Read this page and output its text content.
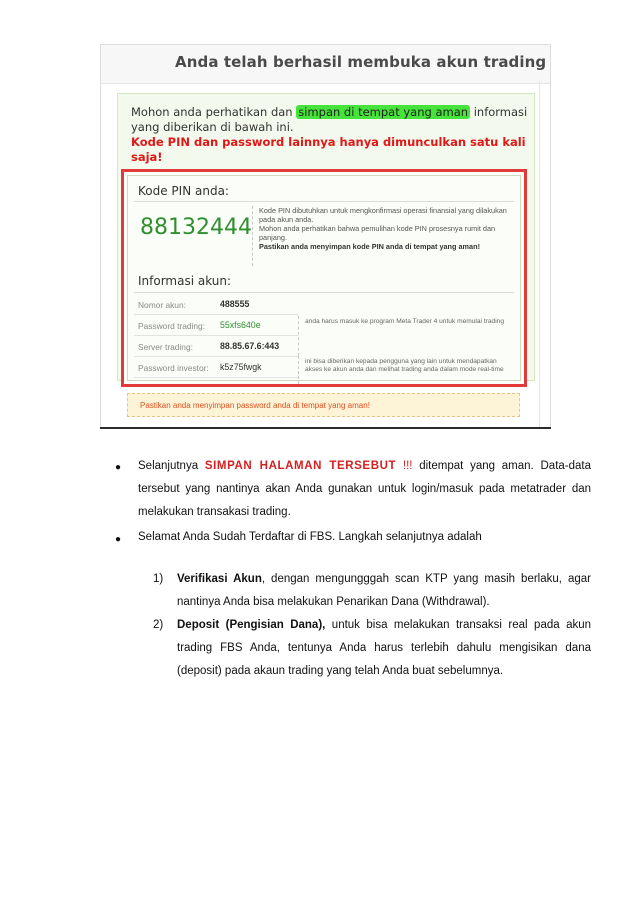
Anda telah berhasil membuka akun trading
Mohon anda perhatikan dan simpan di tempat yang aman informasi yang diberikan di bawah ini.
Kode PIN dan password lainnya hanya dimunculkan satu kali saja!
Kode PIN anda:
88132444
Kode PIN dibutuhkan untuk mengkonfirmasi operasi finansial yang dilakukan pada akun anda.
Mohon anda perhatikan bahwa pemulihan kode PIN prosesnya rumit dan panjang.
Pastikan anda menyimpan kode PIN anda di tempat yang aman!
Informasi akun:
Nomor akun:	488555
Password trading: 55xfs640e
Server trading:	88.85.67.6:443
Password investor: k5z75fwgk
anda harus masuk ke program Meta Trader 4 untuk memulai trading
ini bisa diberikan kepada pengguna yang lain untuk mendapatkan akses ke akun anda dan melihat trading anda dalam mode real-time
Pastikan anda menyimpan password anda di tempat yang aman!
● Selanjutnya SIMPAN HALAMAN TERSEBUT !!! ditempat yang aman. Data-data tersebut yang nantinya akan Anda gunakan untuk login/masuk pada metatrader dan melakukan transakasi trading.
● Selamat Anda Sudah Terdaftar di FBS. Langkah selanjutnya adalah
1) Verifikasi Akun, dengan mengungggah scan KTP yang masih berlaku, agar nantinya Anda bisa melakukan Penarikan Dana (Withdrawal).
2) Deposit (Pengisian Dana), untuk bisa melakukan transaksi real pada akun trading FBS Anda, tentunya Anda harus terlebih dahulu mengisikan dana (deposit) pada akaun trading yang telah Anda buat sebelumnya.
